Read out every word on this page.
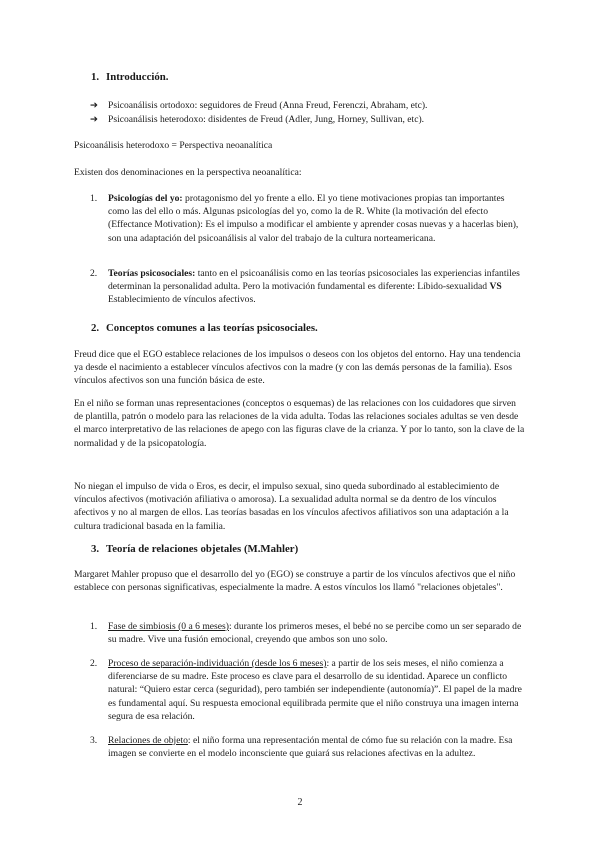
1. Introducción.
➔ Psicoanálisis ortodoxo: seguidores de Freud (Anna Freud, Ferenczi, Abraham, etc).
➔ Psicoanálisis heterodoxo: disidentes de Freud (Adler, Jung, Horney, Sullivan, etc).

Psicoanálisis heterodoxo = Perspectiva neoanalítica

Existen dos denominaciones en la perspectiva neoanalítica:

1. Psicologías del yo: protagonismo del yo frente a ello. El yo tiene motivaciones propias tan importantes como las del ello o más. Algunas psicologías del yo, como la de R. White (la motivación del efecto (Effectance Motivation): Es el impulso a modificar el ambiente y aprender cosas nuevas y a hacerlas bien), son una adaptación del psicoanálisis al valor del trabajo de la cultura norteamericana.
2. Teorías psicosociales: tanto en el psicoanálisis como en las teorías psicosociales las experiencias infantiles determinan la personalidad adulta. Pero la motivación fundamental es diferente: Líbido-sexualidad VS Establecimiento de vínculos afectivos.
2. Conceptos comunes a las teorías psicosociales.

Freud dice que el EGO establece relaciones de los impulsos o deseos con los objetos del entorno. Hay una tendencia ya desde el nacimiento a establecer vínculos afectivos con la madre (y con las demás personas de la familia). Esos vínculos afectivos son una función básica de este.

En el niño se forman unas representaciones (conceptos o esquemas) de las relaciones con los cuidadores que sirven de plantilla, patrón o modelo para las relaciones de la vida adulta. Todas las relaciones sociales adultas se ven desde el marco interpretativo de las relaciones de apego con las figuras clave de la crianza. Y por lo tanto, son la clave de la normalidad y de la psicopatología.

No niegan el impulso de vida o Eros, es decir, el impulso sexual, sino queda subordinado al establecimiento de vínculos afectivos (motivación afiliativa o amorosa). La sexualidad adulta normal se da dentro de los vínculos afectivos y no al margen de ellos. Las teorías basadas en los vínculos afectivos afiliativos son una adaptación a la cultura tradicional basada en la familia.

3. Teoría de relaciones objetales (M.Mahler)

Margaret Mahler propuso que el desarrollo del yo (EGO) se construye a partir de los vínculos afectivos que el niño establece con personas significativas, especialmente la madre. A estos vínculos los llamó "relaciones objetales".

1. Fase de simbiosis (0 a 6 meses): durante los primeros meses, el bebé no se percibe como un ser separado de su madre. Vive una fusión emocional, creyendo que ambos son uno solo.
2. Proceso de separación-individuación (desde los 6 meses): a partir de los seis meses, el niño comienza a diferenciarse de su madre. Este proceso es clave para el desarrollo de su identidad. Aparece un conflicto natural: “Quiero estar cerca (seguridad), pero también ser independiente (autonomía)”. El papel de la madre es fundamental aquí. Su respuesta emocional equilibrada permite que el niño construya una imagen interna segura de esa relación.
3. Relaciones de objeto: el niño forma una representación mental de cómo fue su relación con la madre. Esa imagen se convierte en el modelo inconsciente que guiará sus relaciones afectivas en la adultez.
2
